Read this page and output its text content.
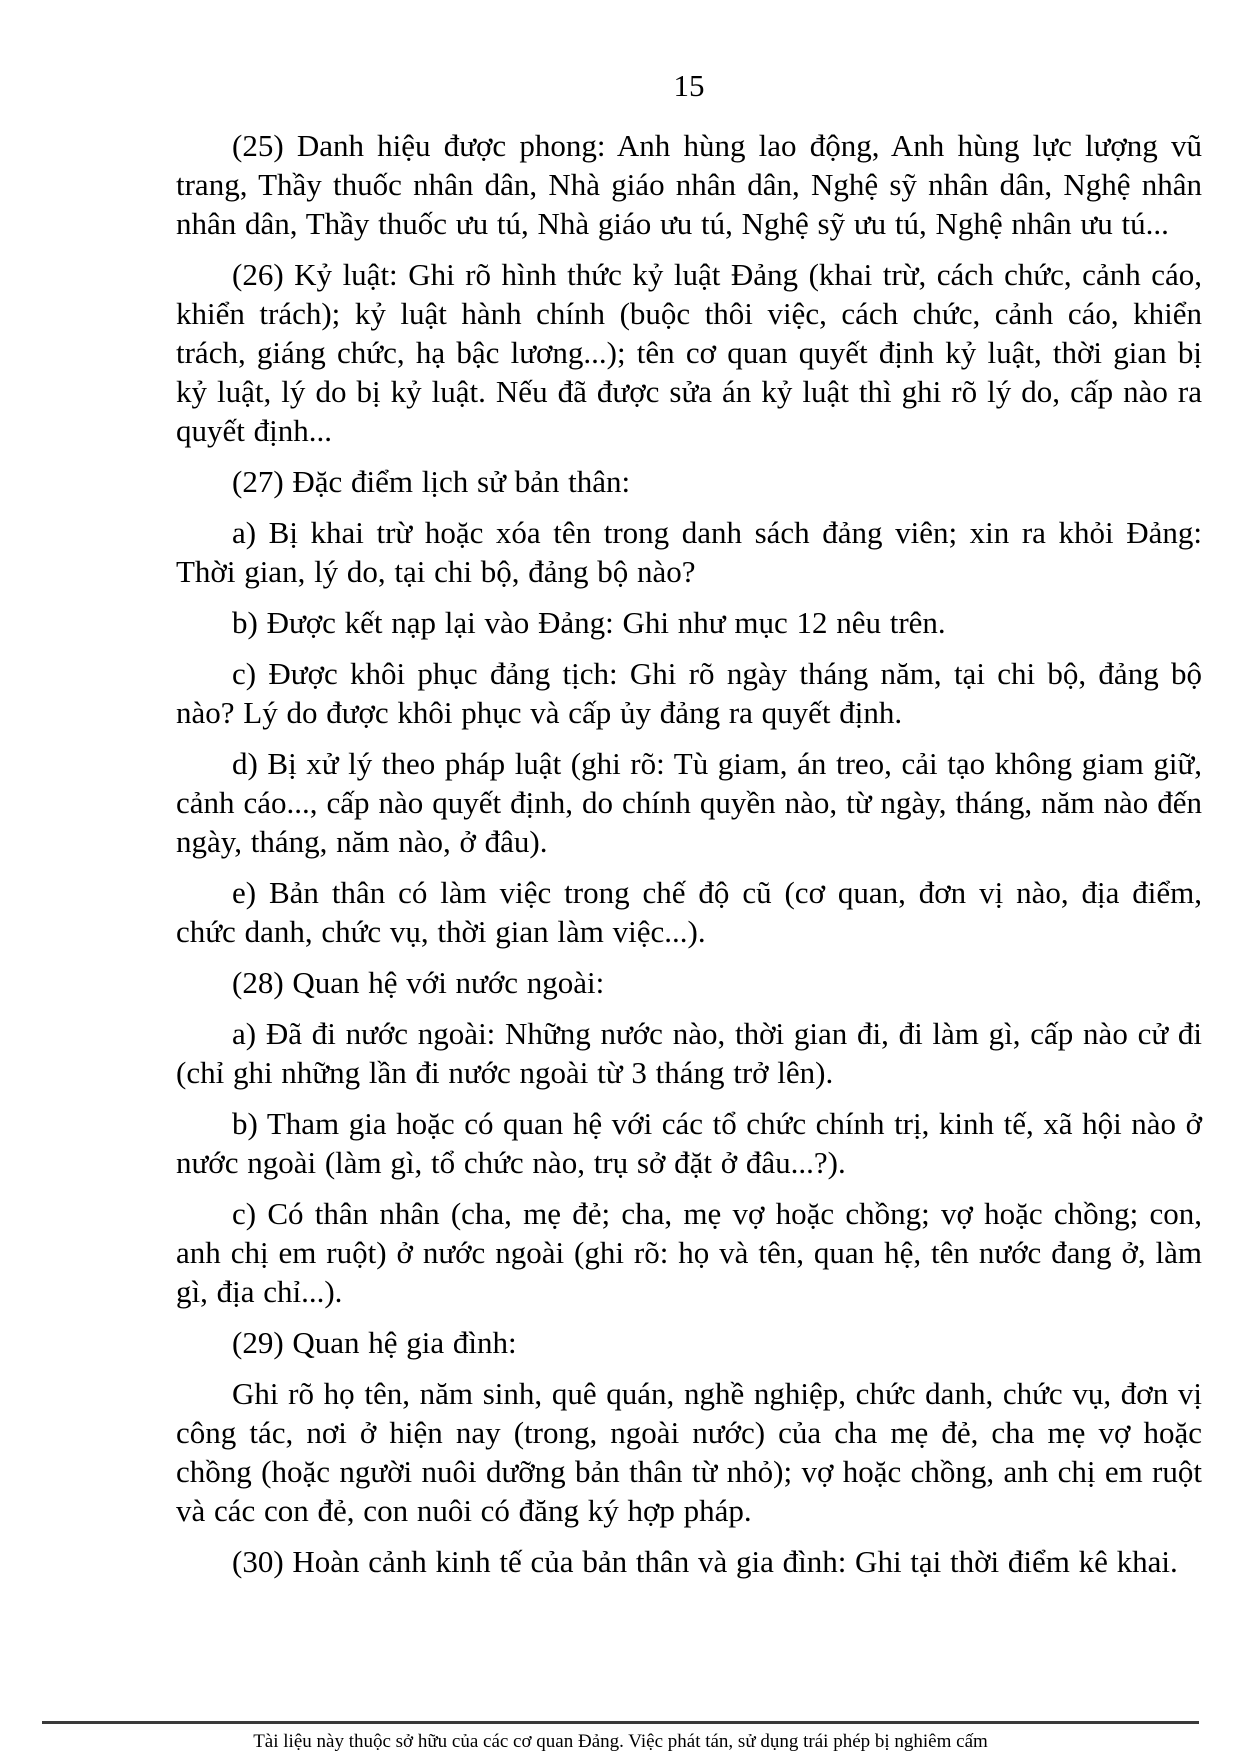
15

(25) Danh hiệu được phong: Anh hùng lao động, Anh hùng lực lượng vũ trang, Thầy thuốc nhân dân, Nhà giáo nhân dân, Nghệ sỹ nhân dân, Nghệ nhân nhân dân, Thầy thuốc ưu tú, Nhà giáo ưu tú, Nghệ sỹ ưu tú, Nghệ nhân ưu tú...

(26) Kỷ luật: Ghi rõ hình thức kỷ luật Đảng (khai trừ, cách chức, cảnh cáo, khiển trách); kỷ luật hành chính (buộc thôi việc, cách chức, cảnh cáo, khiển trách, giáng chức, hạ bậc lương...); tên cơ quan quyết định kỷ luật, thời gian bị kỷ luật, lý do bị kỷ luật. Nếu đã được sửa án kỷ luật thì ghi rõ lý do, cấp nào ra quyết định...

(27) Đặc điểm lịch sử bản thân:

a) Bị khai trừ hoặc xóa tên trong danh sách đảng viên; xin ra khỏi Đảng: Thời gian, lý do, tại chi bộ, đảng bộ nào?

b) Được kết nạp lại vào Đảng: Ghi như mục 12 nêu trên.

c) Được khôi phục đảng tịch: Ghi rõ ngày tháng năm, tại chi bộ, đảng bộ nào? Lý do được khôi phục và cấp ủy đảng ra quyết định.

d) Bị xử lý theo pháp luật (ghi rõ: Tù giam, án treo, cải tạo không giam giữ, cảnh cáo..., cấp nào quyết định, do chính quyền nào, từ ngày, tháng, năm nào đến ngày, tháng, năm nào, ở đâu).

e) Bản thân có làm việc trong chế độ cũ (cơ quan, đơn vị nào, địa điểm, chức danh, chức vụ, thời gian làm việc...).

(28) Quan hệ với nước ngoài:

a) Đã đi nước ngoài: Những nước nào, thời gian đi, đi làm gì, cấp nào cử đi (chỉ ghi những lần đi nước ngoài từ 3 tháng trở lên).

b) Tham gia hoặc có quan hệ với các tổ chức chính trị, kinh tế, xã hội nào ở nước ngoài (làm gì, tổ chức nào, trụ sở đặt ở đâu...?).

c) Có thân nhân (cha, mẹ đẻ; cha, mẹ vợ hoặc chồng; vợ hoặc chồng; con, anh chị em ruột) ở nước ngoài (ghi rõ: họ và tên, quan hệ, tên nước đang ở, làm gì, địa chỉ...).

(29) Quan hệ gia đình:

Ghi rõ họ tên, năm sinh, quê quán, nghề nghiệp, chức danh, chức vụ, đơn vị công tác, nơi ở hiện nay (trong, ngoài nước) của cha mẹ đẻ, cha mẹ vợ hoặc chồng (hoặc người nuôi dưỡng bản thân từ nhỏ); vợ hoặc chồng, anh chị em ruột và các con đẻ, con nuôi có đăng ký hợp pháp.

(30) Hoàn cảnh kinh tế của bản thân và gia đình: Ghi tại thời điểm kê khai.

Tài liệu này thuộc sở hữu của các cơ quan Đảng. Việc phát tán, sử dụng trái phép bị nghiêm cấm
